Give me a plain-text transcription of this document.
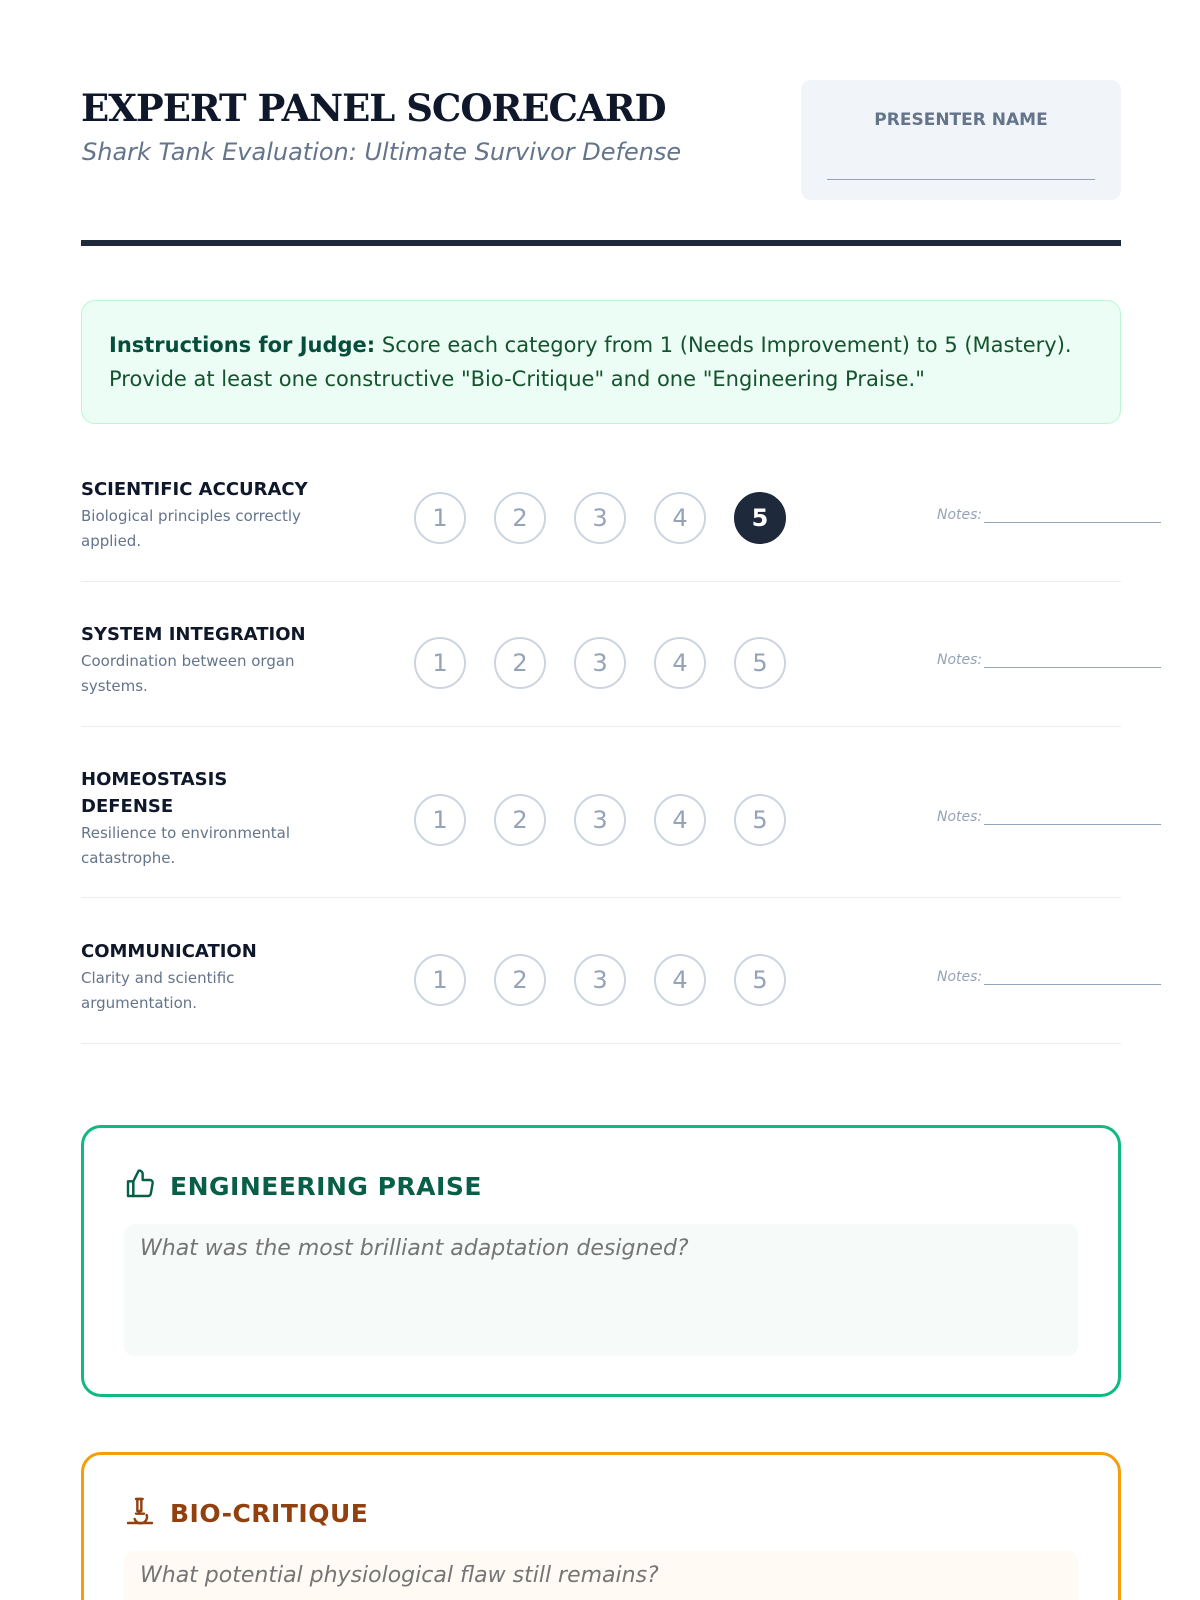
EXPERT PANEL SCORECARD
Shark Tank Evaluation: Ultimate Survivor Defense
PRESENTER NAME
Instructions for Judge: Score each category from 1 (Needs Improvement) to 5 (Mastery). Provide at least one constructive "Bio-Critique" and one "Engineering Praise."
SCIENTIFIC ACCURACY
Biological principles correctly applied.
1	2	3	4	5	Notes:
SYSTEM INTEGRATION
Coordination between organ systems.
1	2	3	4	5	Notes:
HOMEOSTASIS DEFENSE
Resilience to environmental catastrophe.
1	2	3	4	5	Notes:
COMMUNICATION
Clarity and scientific argumentation.
1	2	3	4	5	Notes:
ENGINEERING PRAISE
What was the most brilliant adaptation designed?
BIO-CRITIQUE
What potential physiological flaw still remains?
